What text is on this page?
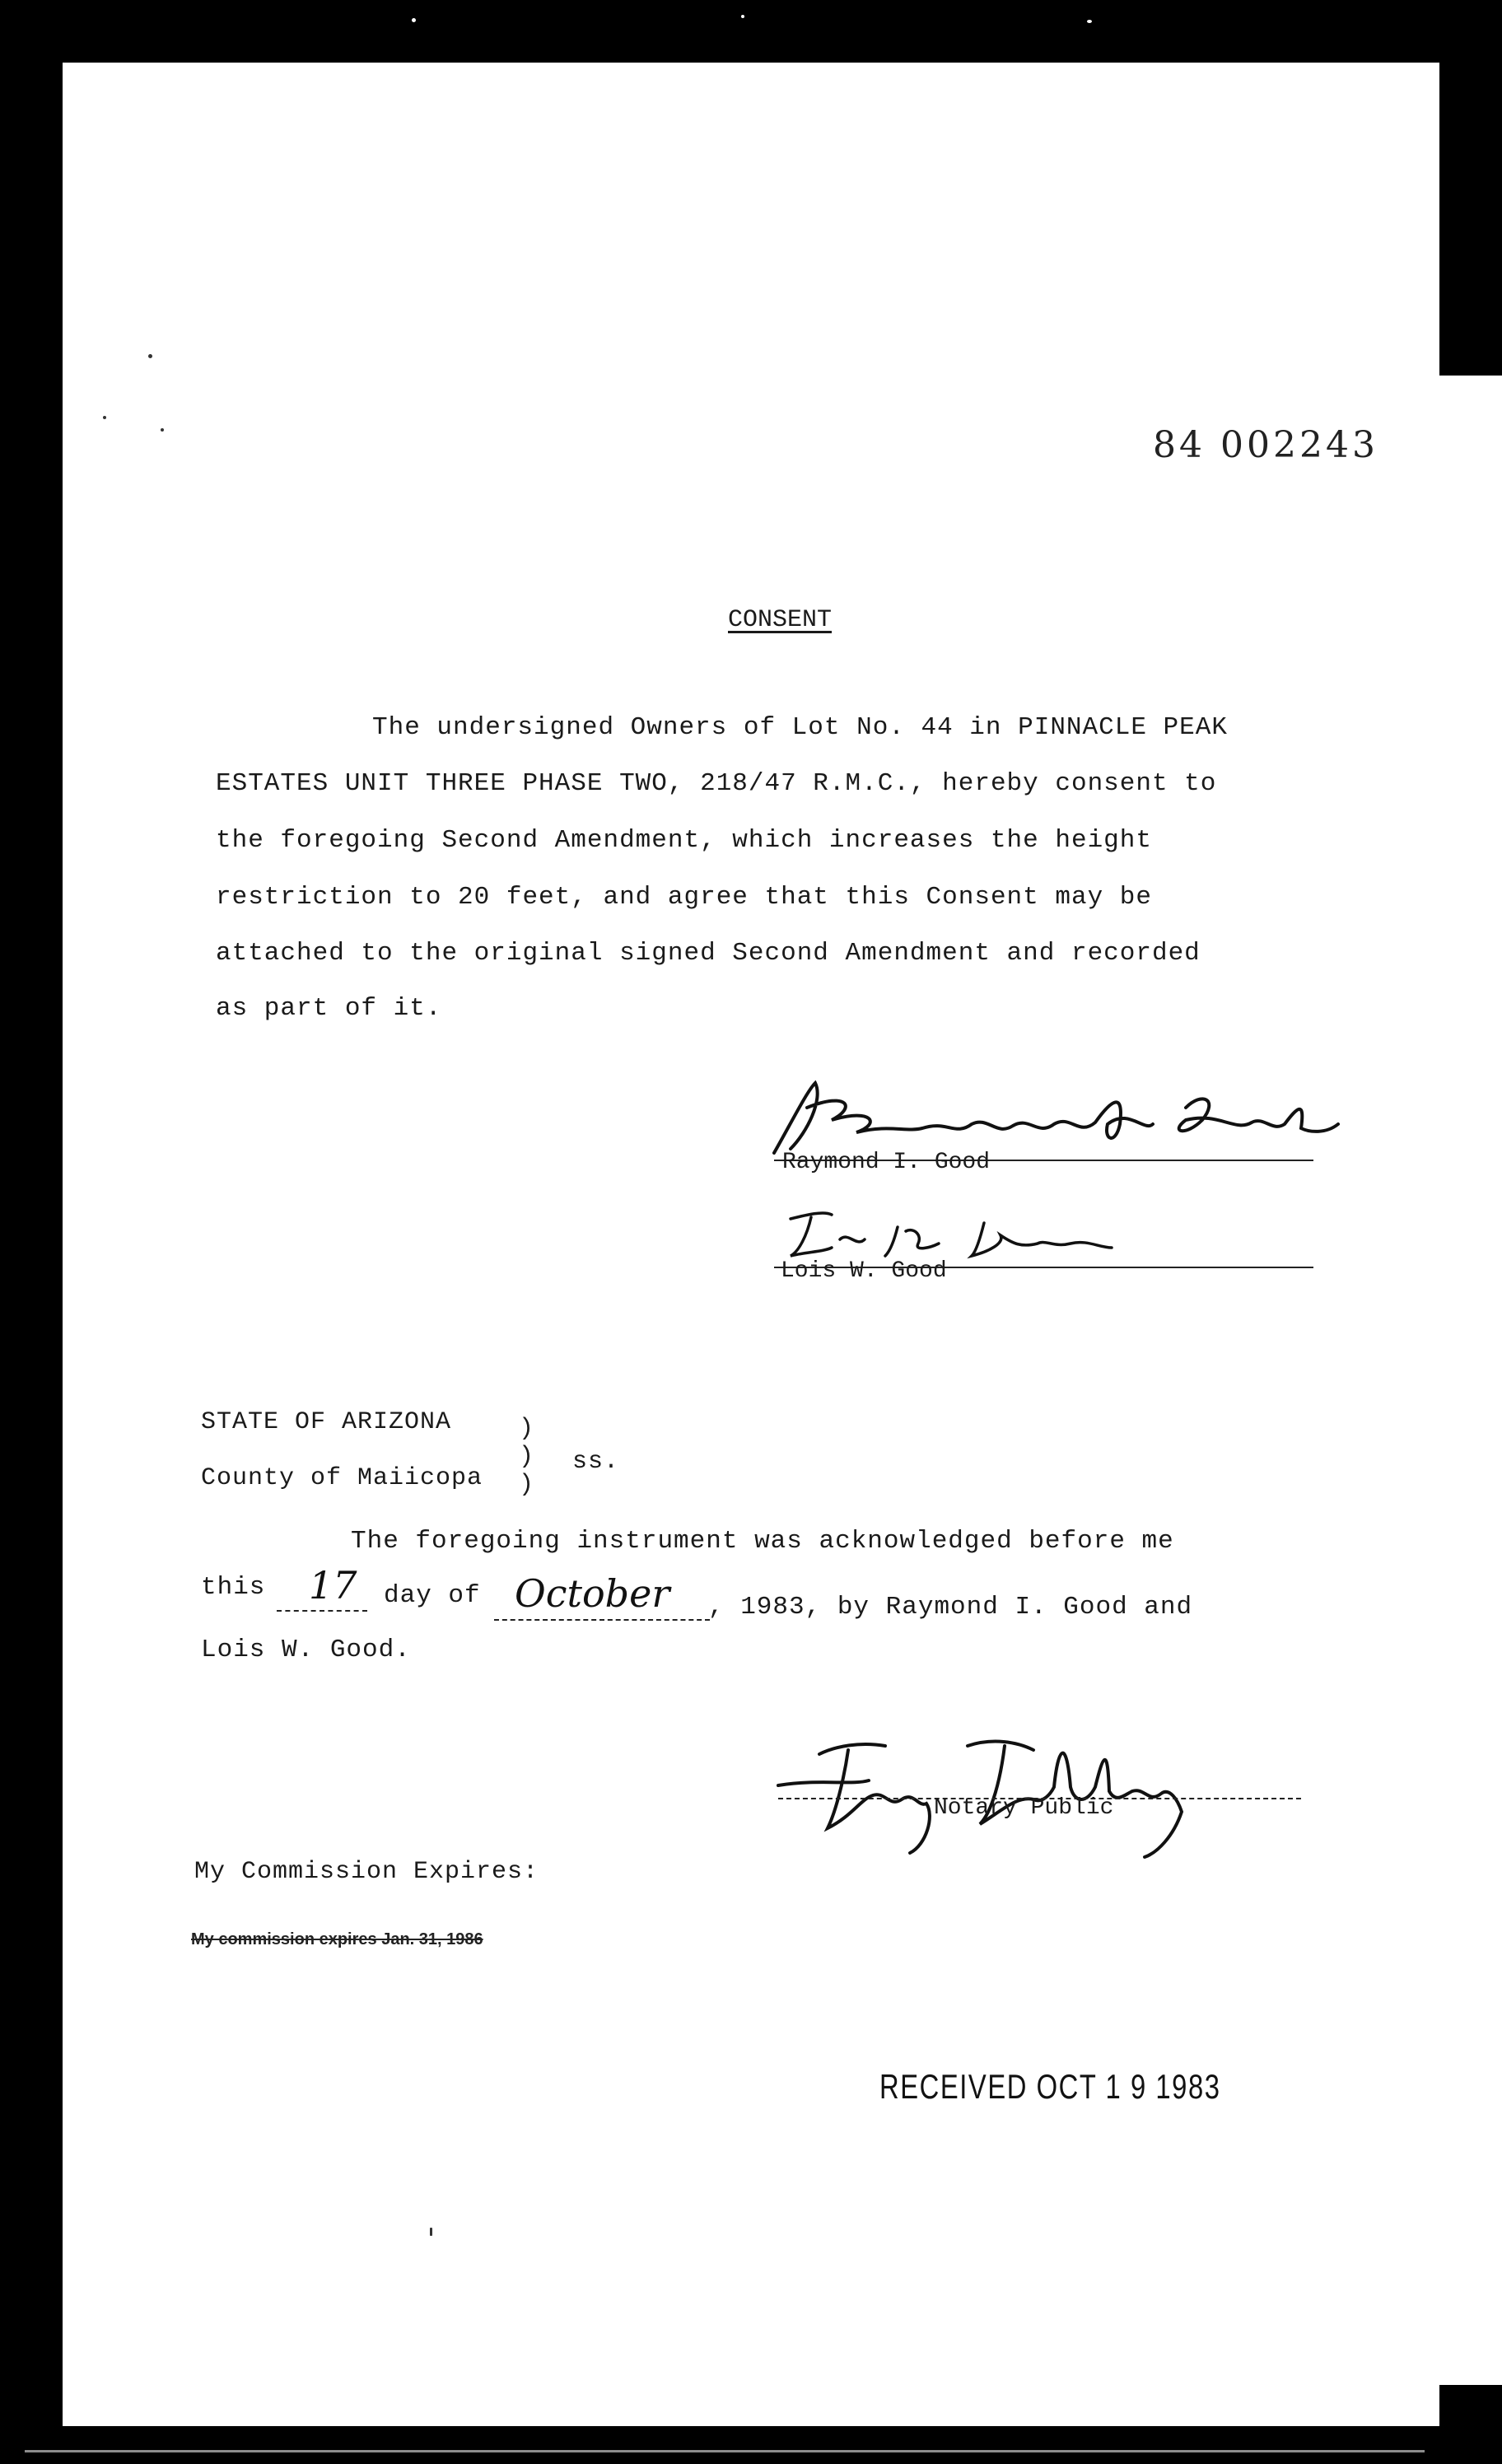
84 002243
CONSENT
The undersigned Owners of Lot No. 44 in PINNACLE PEAK
ESTATES UNIT THREE PHASE TWO, 218/47 R.M.C., hereby consent to
the foregoing Second Amendment, which increases the height
restriction to 20 feet, and agree that this Consent may be
attached to the original signed Second Amendment and recorded
as part of it.
Raymond I. Good
Lois W. Good
STATE OF ARIZONA	)
)
)
ss.
County of Maiicopa
The foregoing instrument was acknowledged before me
this 17 day of October , 1983, by Raymond I. Good and
Lois W. Good.
Notary Public
My Commission Expires:
My commission expires Jan. 31, 1986
RECEIVED OCT 1 9 1983
